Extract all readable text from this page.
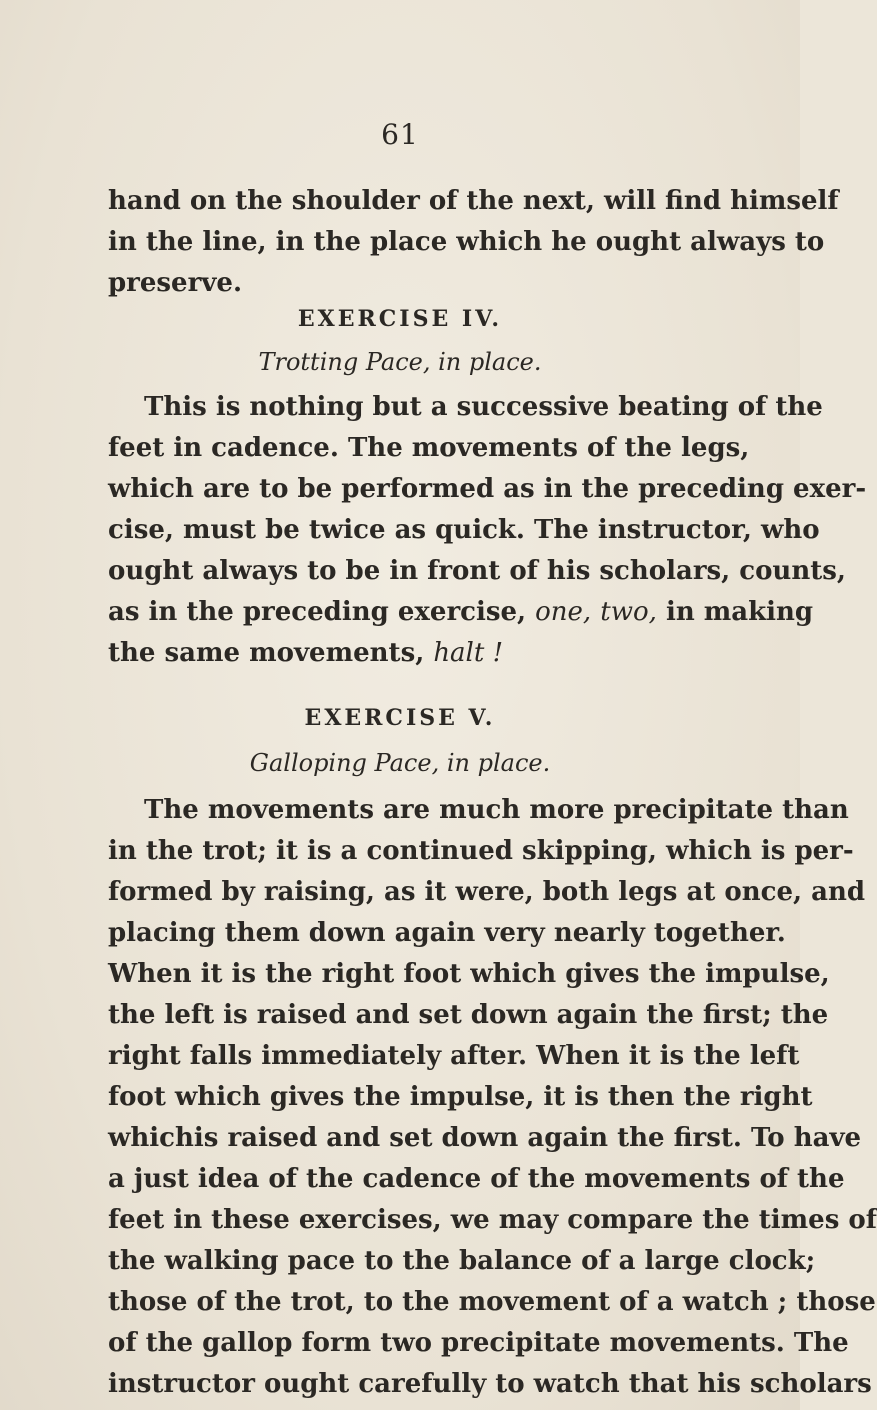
61
hand on the shoulder of the next, will find himself
in the line, in the place which he ought always to
preserve.
EXERCISE IV.
Trotting Pace, in place.
This is nothing but a successive beating of the
feet in cadence. The movements of the legs,
which are to be performed as in the preceding exer-
cise, must be twice as quick. The instructor, who
ought always to be in front of his scholars, counts,
as in the preceding exercise, one, two, in making
the same movements, halt !
EXERCISE V.
Galloping Pace, in place.
The movements are much more precipitate than
in the trot; it is a continued skipping, which is per-
formed by raising, as it were, both legs at once, and
placing them down again very nearly together.
When it is the right foot which gives the impulse,
the left is raised and set down again the first; the
right falls immediately after. When it is the left
foot which gives the impulse, it is then the right
whichis raised and set down again the first. To have
a just idea of the cadence of the movements of the
feet in these exercises, we may compare the times of
the walking pace to the balance of a large clock;
those of the trot, to the movement of a watch ; those
of the gallop form two precipitate movements. The
instructor ought carefully to watch that his scholars
